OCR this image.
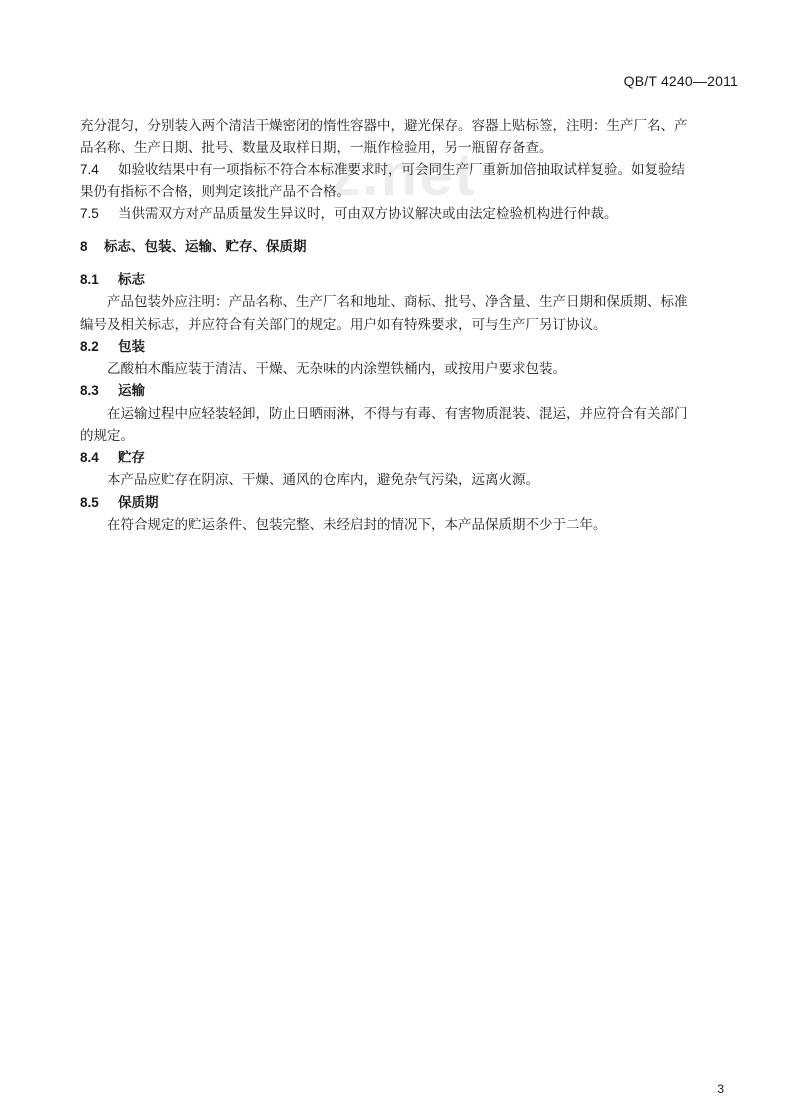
QB/T 4240—2011
z.net
充分混匀，分别装入两个清洁干燥密闭的惰性容器中，避光保存。容器上贴标签，注明：生产厂名、产
品名称、生产日期、批号、数量及取样日期，一瓶作检验用，另一瓶留存备查。
7.4 如验收结果中有一项指标不符合本标准要求时，可会同生产厂重新加倍抽取试样复验。如复验结
果仍有指标不合格，则判定该批产品不合格。
7.5 当供需双方对产品质量发生异议时，可由双方协议解决或由法定检验机构进行仲裁。
8 标志、包装、运输、贮存、保质期
8.1 标志
产品包装外应注明：产品名称、生产厂名和地址、商标、批号、净含量、生产日期和保质期、标准
编号及相关标志，并应符合有关部门的规定。用户如有特殊要求，可与生产厂另订协议。
8.2 包装
乙酸柏木酯应装于清洁、干燥、无杂味的内涂塑铁桶内，或按用户要求包装。
8.3 运输
在运输过程中应轻装轻卸，防止日晒雨淋，不得与有毒、有害物质混装、混运，并应符合有关部门
的规定。
8.4 贮存
本产品应贮存在阴凉、干燥、通风的仓库内，避免杂气污染，远离火源。
8.5 保质期
在符合规定的贮运条件、包装完整、未经启封的情况下，本产品保质期不少于二年。
3
